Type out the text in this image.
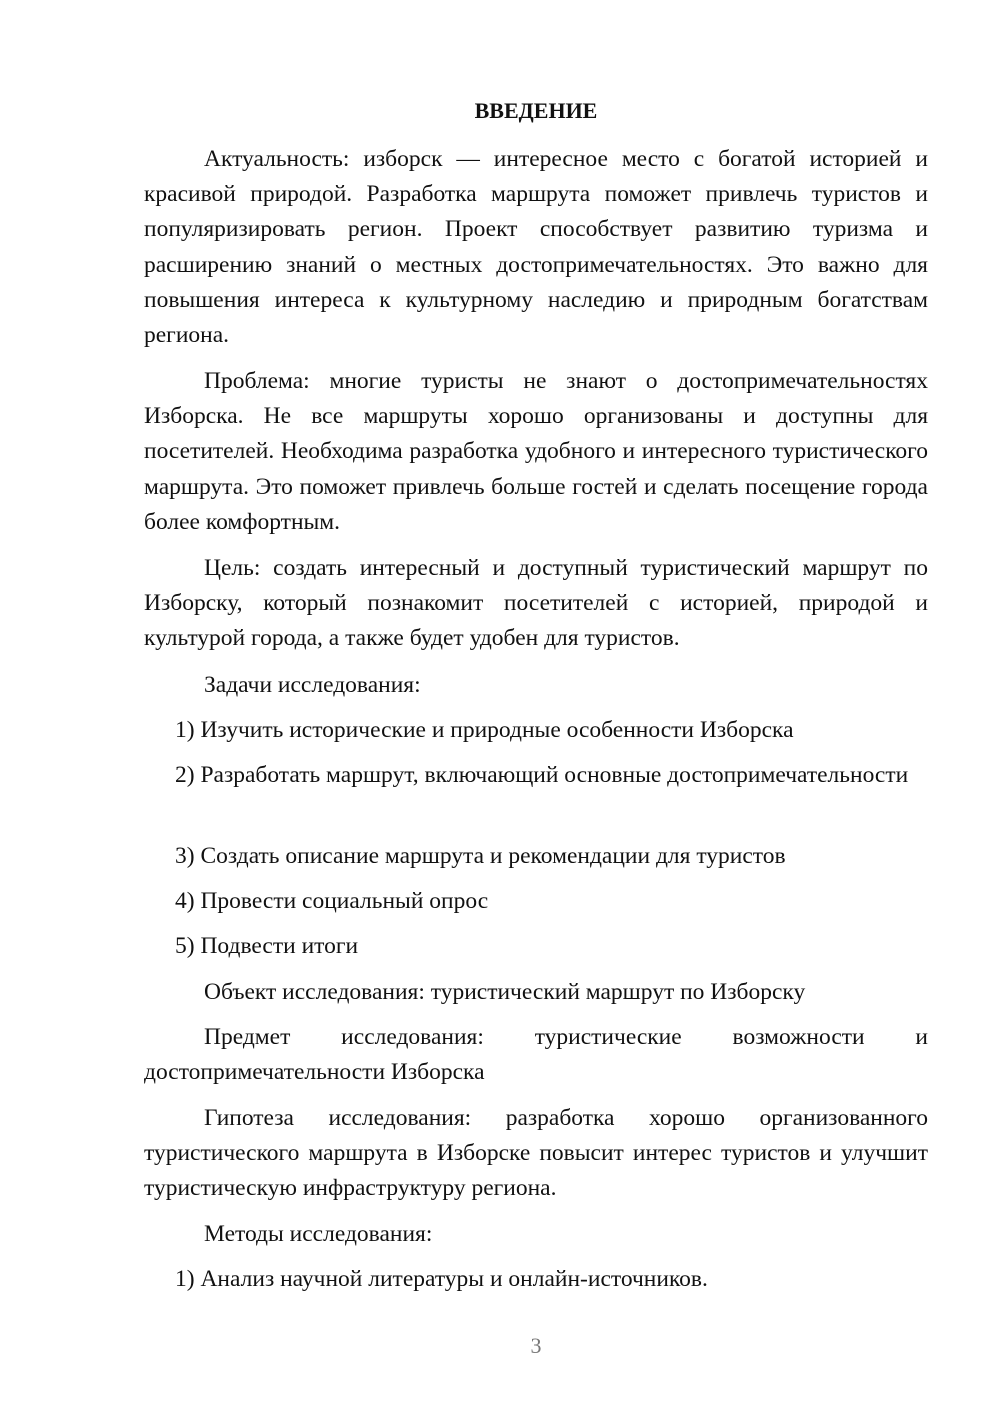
ВВЕДЕНИЕ

Актуальность: изборск — интересное место с богатой историей и красивой природой. Разработка маршрута поможет привлечь туристов и популяризировать регион. Проект способствует развитию туризма и расширению знаний о местных достопримечательностях. Это важно для повышения интереса к культурному наследию и природным богатствам региона.

Проблема: многие туристы не знают о достопримечательностях Изборска. Не все маршруты хорошо организованы и доступны для посетителей. Необходима разработка удобного и интересного туристического маршрута. Это поможет привлечь больше гостей и сделать посещение города более комфортным.

Цель: создать интересный и доступный туристический маршрут по Изборску, который познакомит посетителей с историей, природой и культурой города, а также будет удобен для туристов.

Задачи исследования:

1) Изучить исторические и природные особенности Изборска

2) Разработать маршрут, включающий основные достопримечательности

3) Создать описание маршрута и рекомендации для туристов

4) Провести социальный опрос

5) Подвести итоги

Объект исследования: туристический маршрут по Изборску

Предмет исследования: туристические возможности и достопримечательности Изборска

Гипотеза исследования: разработка хорошо организованного туристического маршрута в Изборске повысит интерес туристов и улучшит туристическую инфраструктуру региона.

Методы исследования:

1) Анализ научной литературы и онлайн-источников.

3
